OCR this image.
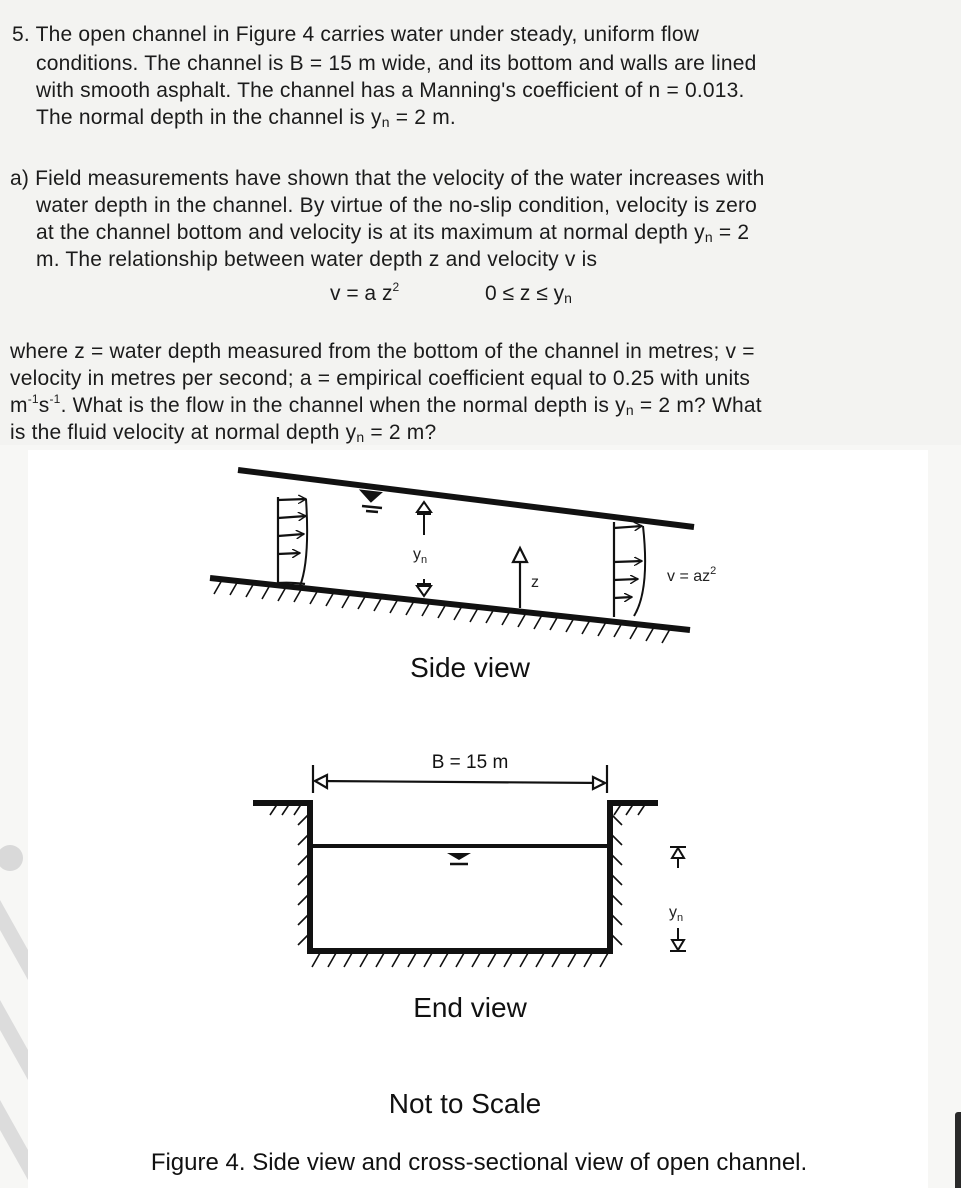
5. The open channel in Figure 4 carries water under steady, uniform flow

conditions. The channel is B = 15 m wide, and its bottom and walls are lined

with smooth asphalt. The channel has a Manning's coefficient of n = 0.013.

The normal depth in the channel is $y_n = 2$ m.

a) Field measurements have shown that the velocity of the water increases with

water depth in the channel. By virtue of the no-slip condition, velocity is zero

at the channel bottom and velocity is at its maximum at normal depth $y_n = 2$

m. The relationship between water depth z and velocity v is

v = a $z^2$	$0 \le z \le y_n$

where z = water depth measured from the bottom of the channel in metres; v =

velocity in metres per second; a = empirical coefficient equal to 0.25 with units

$m^{-1}s^{-1}$. What is the flow in the channel when the normal depth is $y_n = 2$ m? What

is the fluid velocity at normal depth $y_n = 2$ m?

$y_n$
z	$v = az^2$
Side view
B = 15 m
$y_n$
End view
Not to Scale
Figure 4. Side view and cross-sectional view of open channel.
